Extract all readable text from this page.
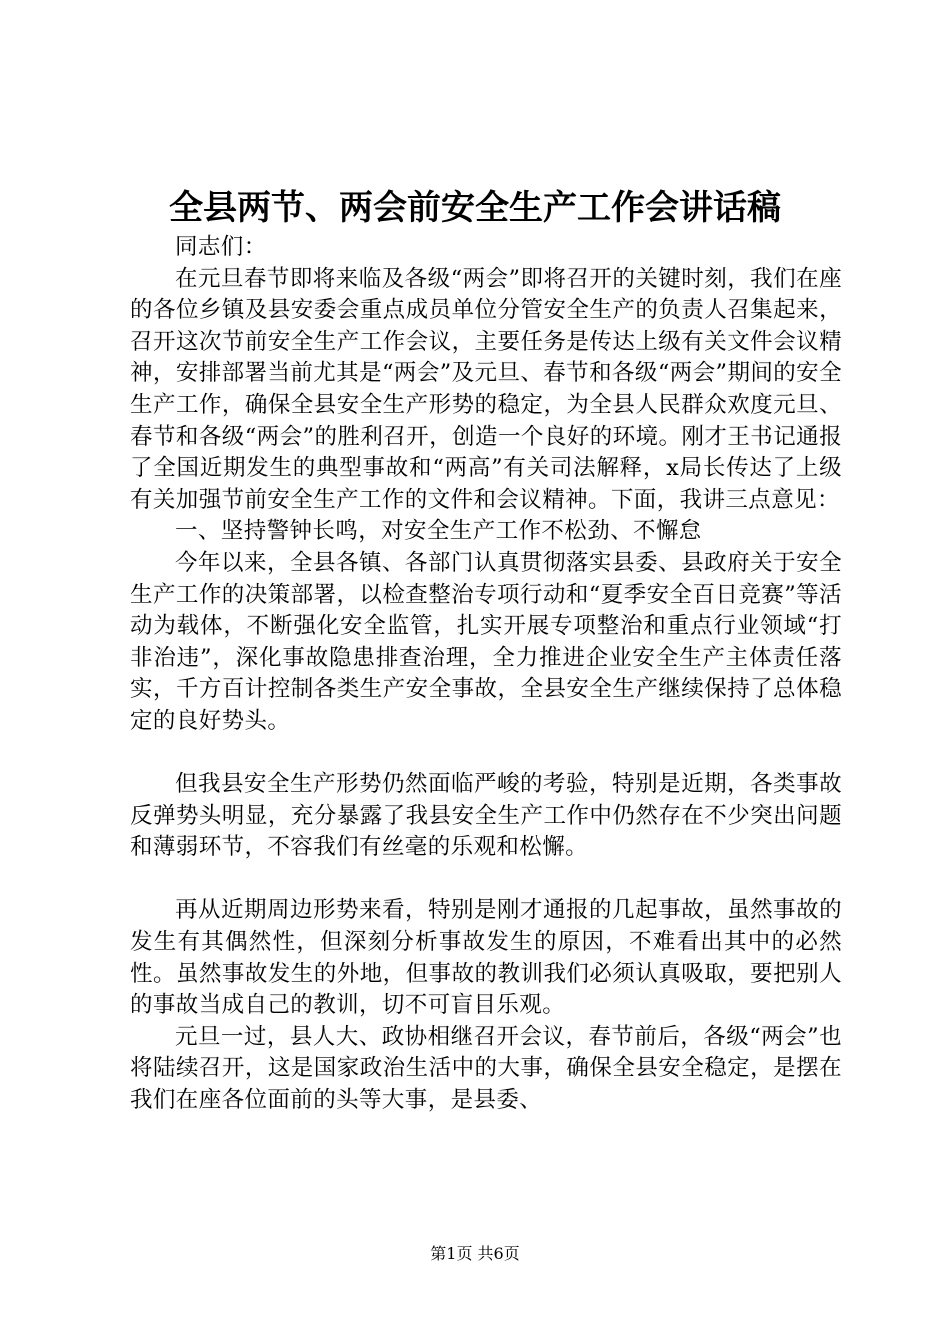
全县两节、两会前安全生产工作会讲话稿

同志们：

在元旦春节即将来临及各级“两会”即将召开的关键时刻，我们在座的各位乡镇及县安委会重点成员单位分管安全生产的负责人召集起来，召开这次节前安全生产工作会议，主要任务是传达上级有关文件会议精神，安排部署当前尤其是“两会”及元旦、春节和各级“两会”期间的安全生产工作，确保全县安全生产形势的稳定，为全县人民群众欢度元旦、春节和各级“两会”的胜利召开，创造一个良好的环境。刚才王书记通报了全国近期发生的典型事故和“两高”有关司法解释，x局长传达了上级有关加强节前安全生产工作的文件和会议精神。下面，我讲三点意见：

一、坚持警钟长鸣，对安全生产工作不松劲、不懈怠

今年以来，全县各镇、各部门认真贯彻落实县委、县政府关于安全生产工作的决策部署，以检查整治专项行动和“夏季安全百日竞赛”等活动为载体，不断强化安全监管，扎实开展专项整治和重点行业领域“打非治违”，深化事故隐患排查治理，全力推进企业安全生产主体责任落实，千方百计控制各类生产安全事故，全县安全生产继续保持了总体稳定的良好势头。

但我县安全生产形势仍然面临严峻的考验，特别是近期，各类事故反弹势头明显，充分暴露了我县安全生产工作中仍然存在不少突出问题和薄弱环节，不容我们有丝毫的乐观和松懈。

再从近期周边形势来看，特别是刚才通报的几起事故，虽然事故的发生有其偶然性，但深刻分析事故发生的原因，不难看出其中的必然性。虽然事故发生的外地，但事故的教训我们必须认真吸取，要把别人的事故当成自己的教训，切不可盲目乐观。

元旦一过，县人大、政协相继召开会议，春节前后，各级“两会”也将陆续召开，这是国家政治生活中的大事，确保全县安全稳定，是摆在我们在座各位面前的头等大事，是县委、

第1页 共6页
